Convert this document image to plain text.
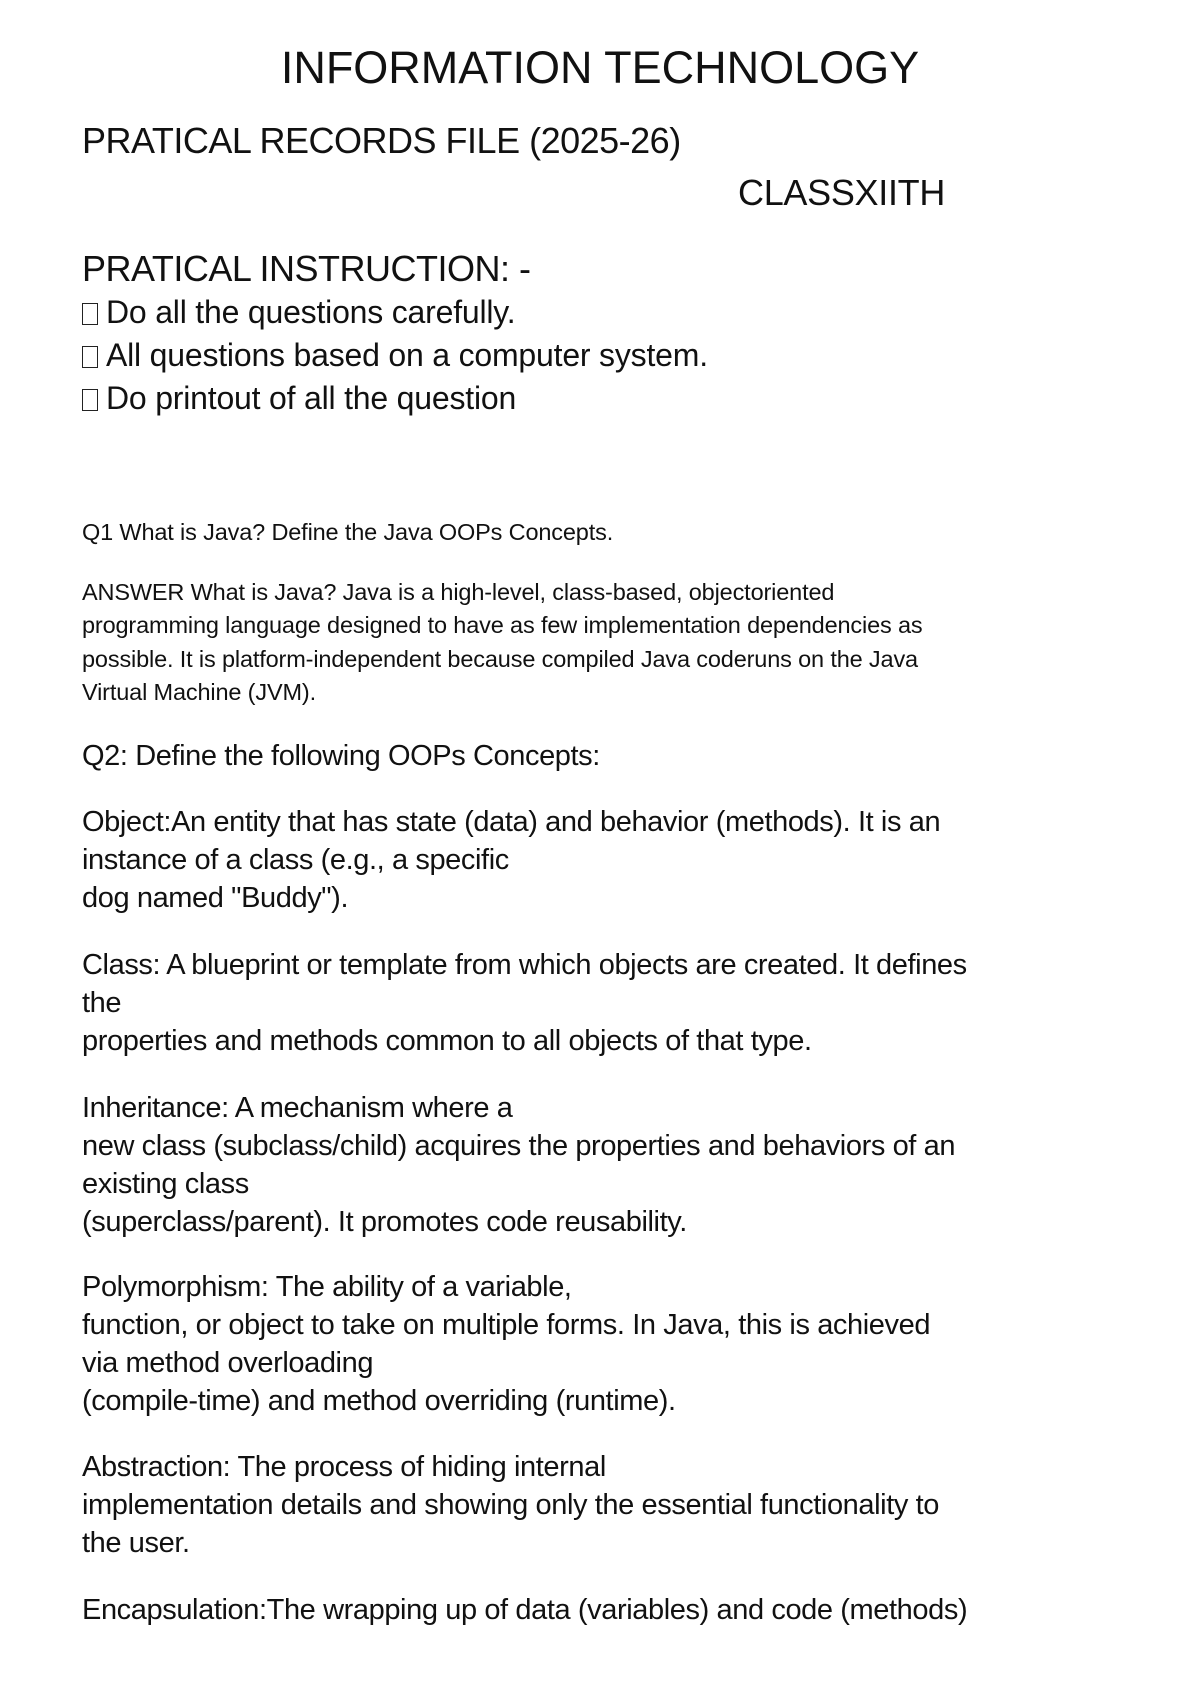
INFORMATION TECHNOLOGY
PRATICAL RECORDS FILE (2025-26)
CLASSXIITH
PRATICAL INSTRUCTION: -
Do all the questions carefully.
All questions based on a computer system.
Do printout of all the question
Q1 What is Java? Define the Java OOPs Concepts.
ANSWER What is Java? Java is a high-level, class-based, objectoriented
programming language designed to have as few implementation dependencies as
possible. It is platform-independent because compiled Java coderuns on the Java
Virtual Machine (JVM).
Q2: Define the following OOPs Concepts:
Object:An entity that has state (data) and behavior (methods). It is an
instance of a class (e.g., a specific
dog named "Buddy").
Class: A blueprint or template from which objects are created. It defines
the
properties and methods common to all objects of that type.
Inheritance: A mechanism where a
new class (subclass/child) acquires the properties and behaviors of an
existing class
(superclass/parent). It promotes code reusability.
Polymorphism: The ability of a variable,
function, or object to take on multiple forms. In Java, this is achieved
via method overloading
(compile-time) and method overriding (runtime).
Abstraction: The process of hiding internal
implementation details and showing only the essential functionality to
the user.
Encapsulation:The wrapping up of data (variables) and code (methods)
